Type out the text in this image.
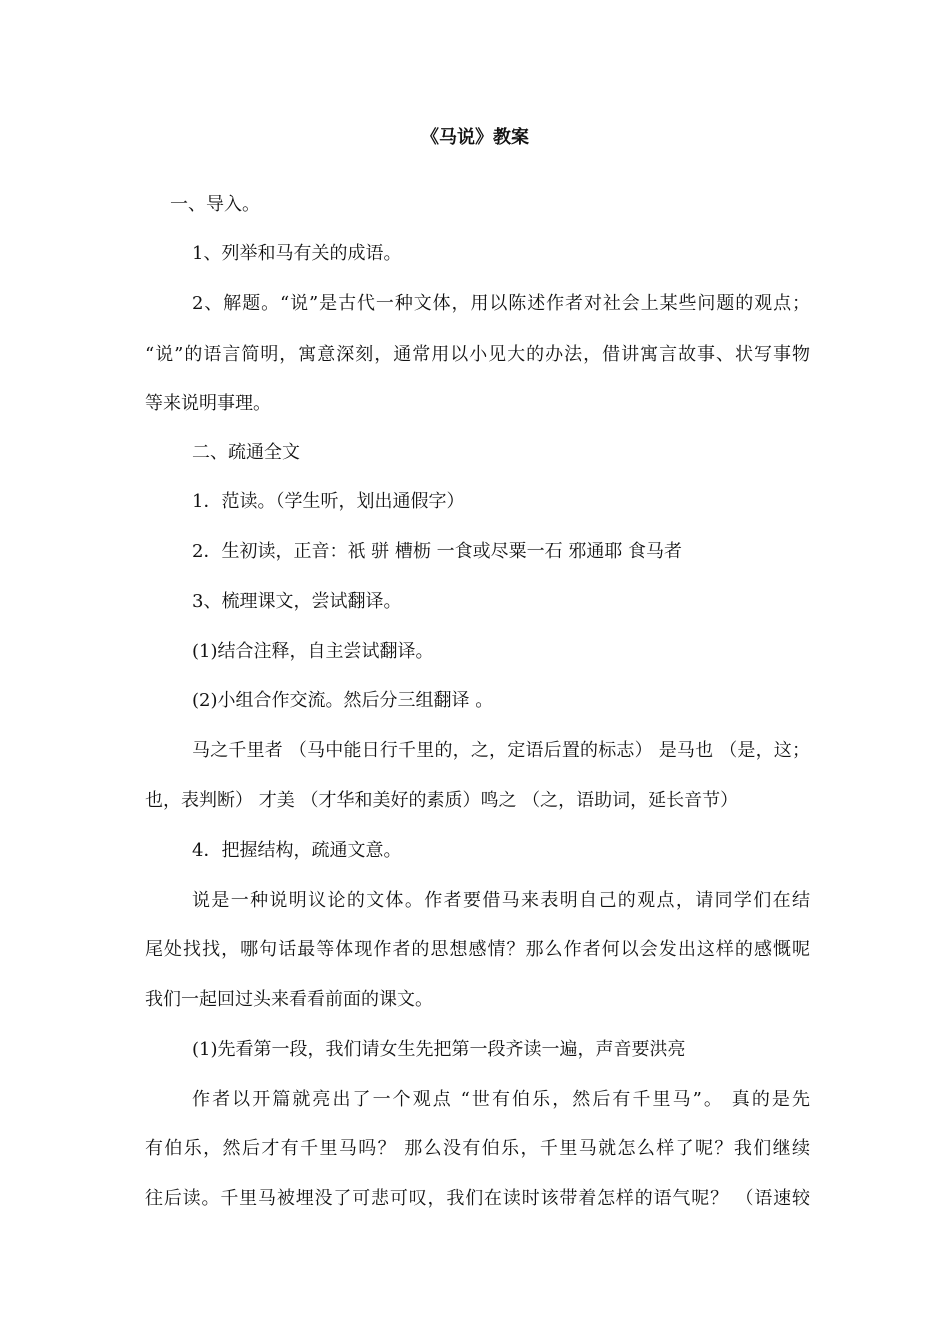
《马说》教案
一、导入。
1、列举和马有关的成语。
2、解题。“说”是古代一种文体，用以陈述作者对社会上某些问题的观点；
“说”的语言简明，寓意深刻，通常用以小见大的办法，借讲寓言故事、状写事物
等来说明事理。
二、疏通全文
1．范读。（学生听，划出通假字）
2．生初读，正音：祇 骈 槽枥 一食或尽粟一石 邪通耶 食马者
3、梳理课文，尝试翻译。
(1)结合注释，自主尝试翻译。
(2)小组合作交流。然后分三组翻译 。
马之千里者 （马中能日行千里的，之，定语后置的标志） 是马也 （是，这；
也，表判断） 才美 （才华和美好的素质）鸣之 （之，语助词，延长音节）
4．把握结构，疏通文意。
说是一种说明议论的文体。作者要借马来表明自己的观点，请同学们在结
尾处找找，哪句话最等体现作者的思想感情？那么作者何以会发出这样的感慨呢
我们一起回过头来看看前面的课文。
(1)先看第一段，我们请女生先把第一段齐读一遍，声音要洪亮
作者以开篇就亮出了一个观点 “世有伯乐，然后有千里马”。 真的是先
有伯乐，然后才有千里马吗？ 那么没有伯乐，千里马就怎么样了呢？我们继续
往后读。千里马被埋没了可悲可叹，我们在读时该带着怎样的语气呢？ （语速较
